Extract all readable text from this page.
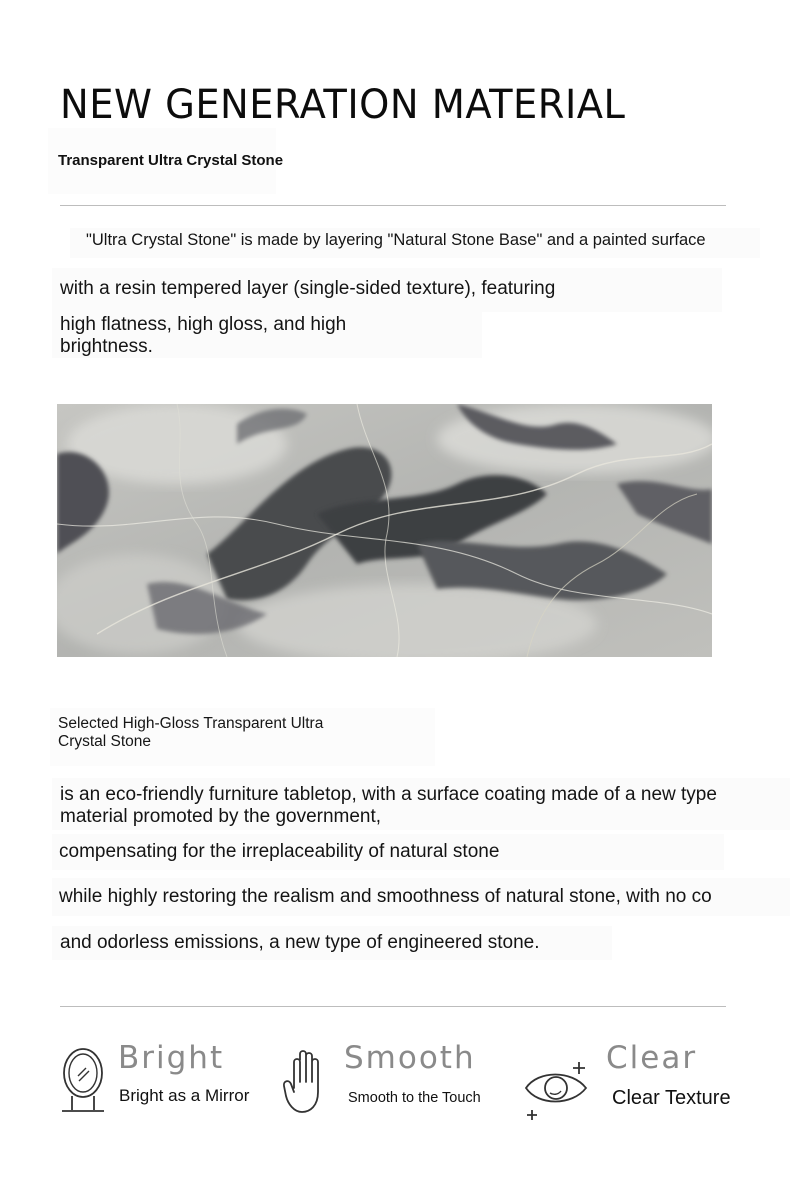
NEW GENERATION MATERIAL
Transparent Ultra Crystal Stone
"Ultra Crystal Stone" is made by layering "Natural Stone Base" and a painted surface
with a resin tempered layer (single-sided texture), featuring
high flatness, high gloss, and high
brightness.
Selected High-Gloss Transparent Ultra
Crystal Stone
is an eco-friendly furniture tabletop, with a surface coating made of a new type
material promoted by the government,
compensating for the irreplaceability of natural stone
while highly restoring the realism and smoothness of natural stone, with no co
and odorless emissions, a new type of engineered stone.
Bright
Bright as a Mirror
Smooth
Smooth to the Touch
Clear
Clear Texture
